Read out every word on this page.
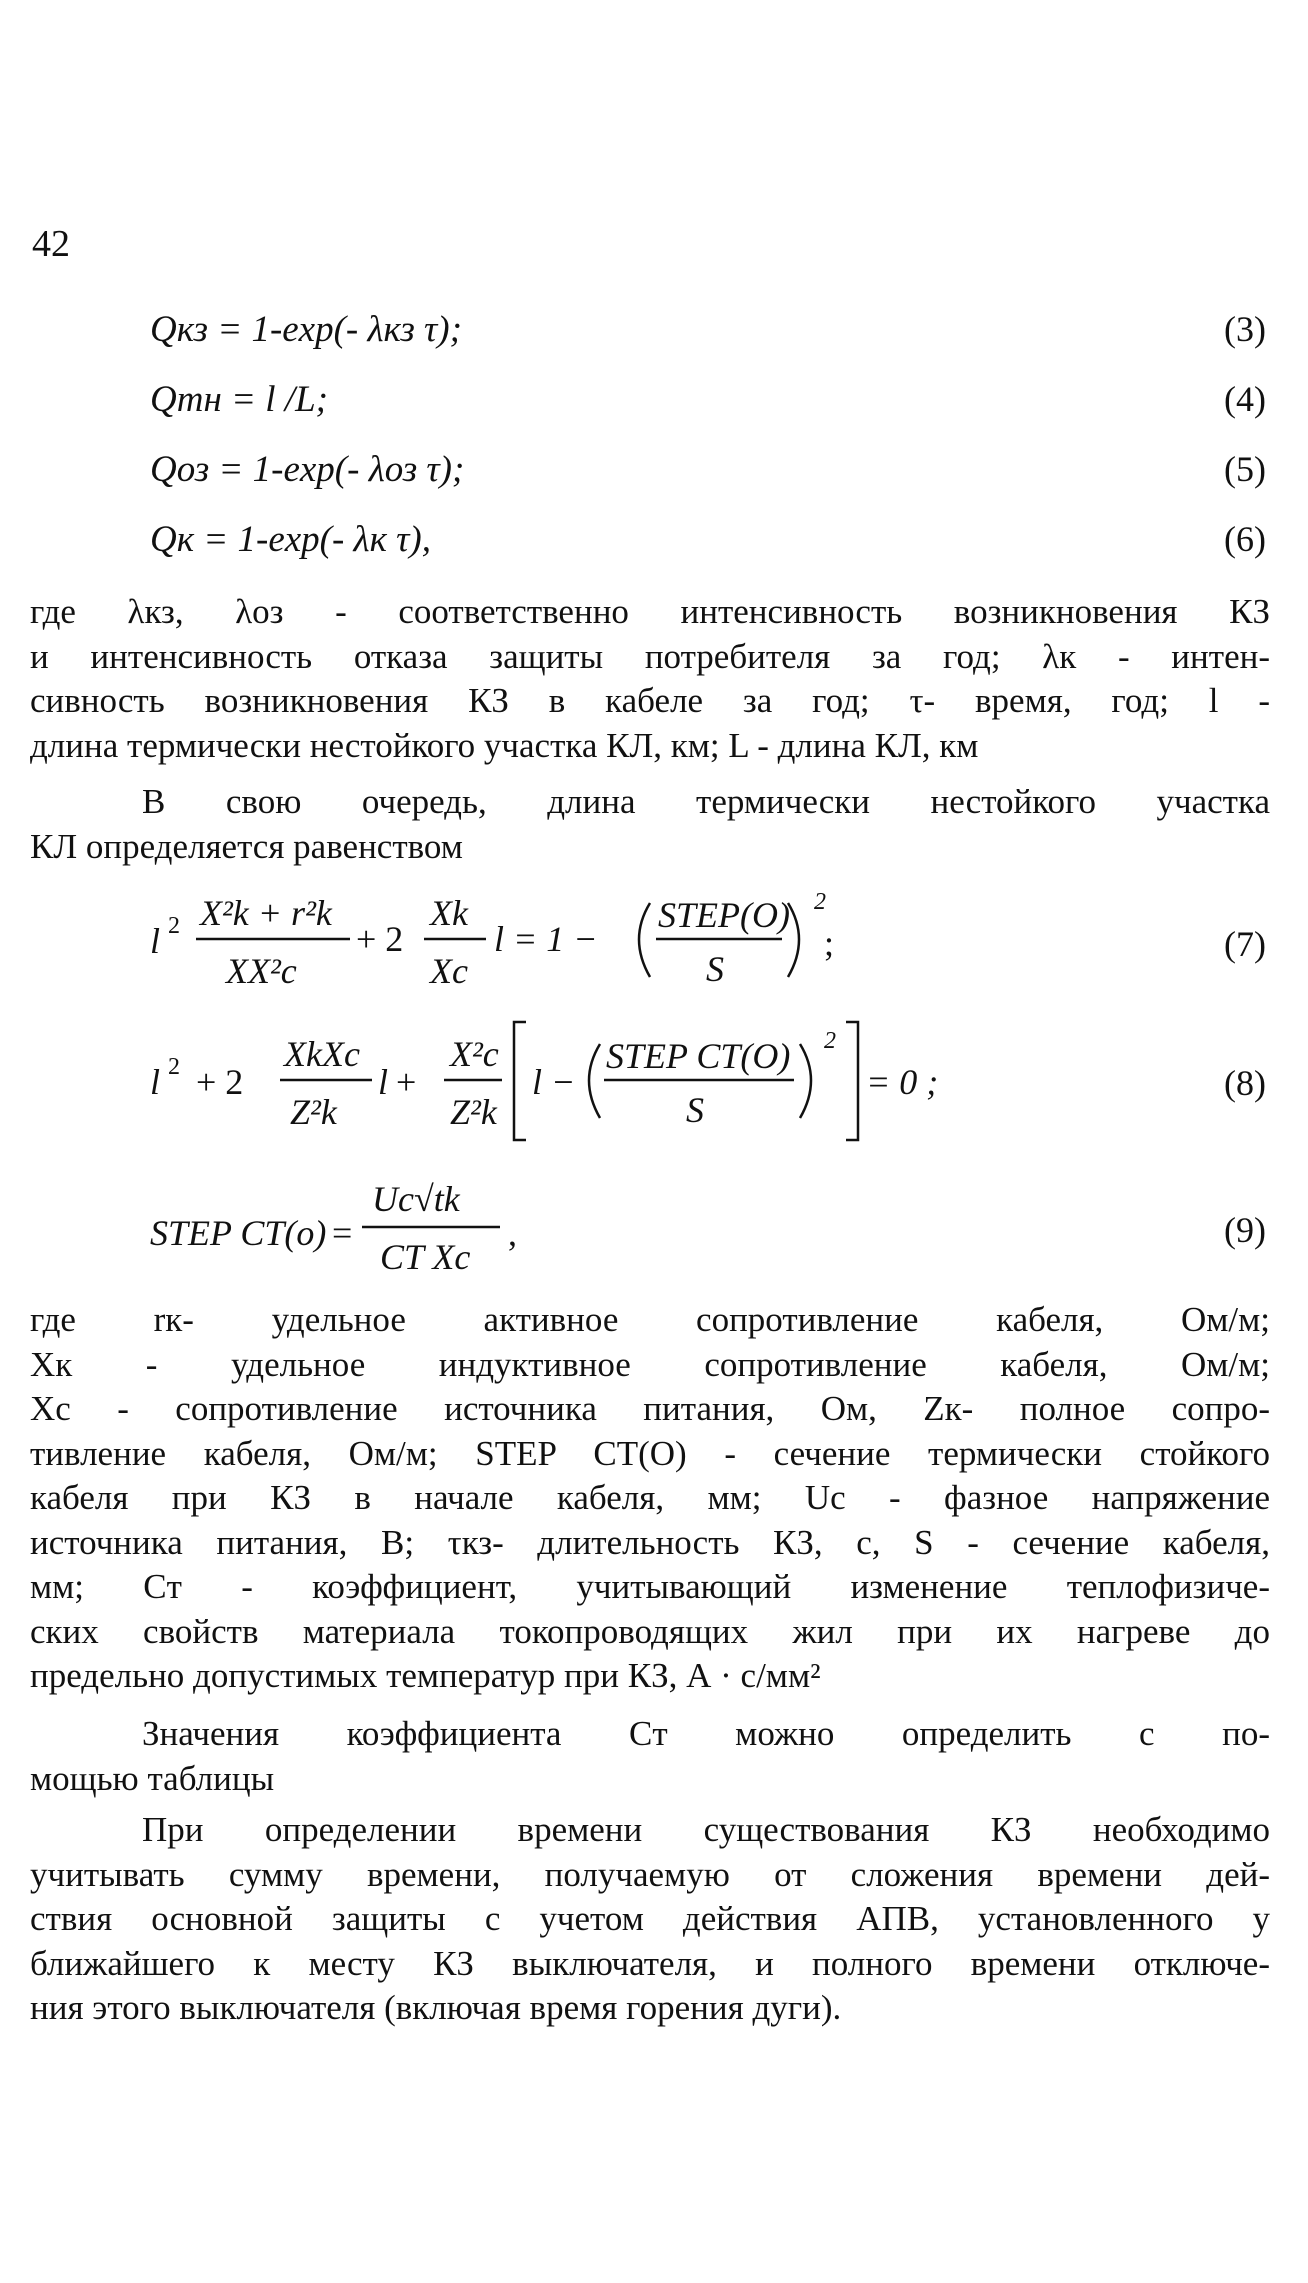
42
Qкз = 1-exp(- λкз τ);	(3)
Qтн = l /L;	(4)
Qоз = 1-exp(- λоз τ);	(5)
Qк = 1-exp(- λк τ),	(6)
где λкз, λоз - соответственно интенсивность возникновения КЗ
и интенсивность отказа защиты потребителя за год; λк - интен-
сивность возникновения КЗ в кабеле за год; τ- время, год; l -
длина термически нестойкого участка КЛ, км; L - длина КЛ, км
В свою очередь, длина термически нестойкого участка
КЛ определяется равенством
l 2 X²k + r²k
XX²c
+ 2
Xk
Xc
l = 1 −
STEP(O)
S
2
;	(7)
l 2 + 2
XkXc
Z²k
l +
X²c
Z²k
l −
STEP CT(O)
S
2
= 0 ;	(8)
STEP CT(o) =
Uc√tk
CT Xc
,	(9)
где rк- удельное активное сопротивление кабеля, Ом/м;
Xк - удельное индуктивное сопротивление кабеля, Ом/м;
Xc - сопротивление источника питания, Ом, Zк- полное сопро-
тивление кабеля, Ом/м; STEP CT(O) - сечение термически стойкого
кабеля при КЗ в начале кабеля, мм; Uc - фазное напряжение
источника питания, В; τкз- длительность КЗ, с, S - сечение кабеля,
мм; Cт - коэффициент, учитывающий изменение теплофизиче-
ских свойств материала токопроводящих жил при их нагреве до
предельно допустимых температур при КЗ, А · с/мм²
Значения коэффициента Cт можно определить с по-
мощью таблицы
При определении времени существования КЗ необходимо
учитывать сумму времени, получаемую от сложения времени дей-
ствия основной защиты с учетом действия АПВ, установленного у
ближайшего к месту КЗ выключателя, и полного времени отключе-
ния этого выключателя (включая время горения дуги).
